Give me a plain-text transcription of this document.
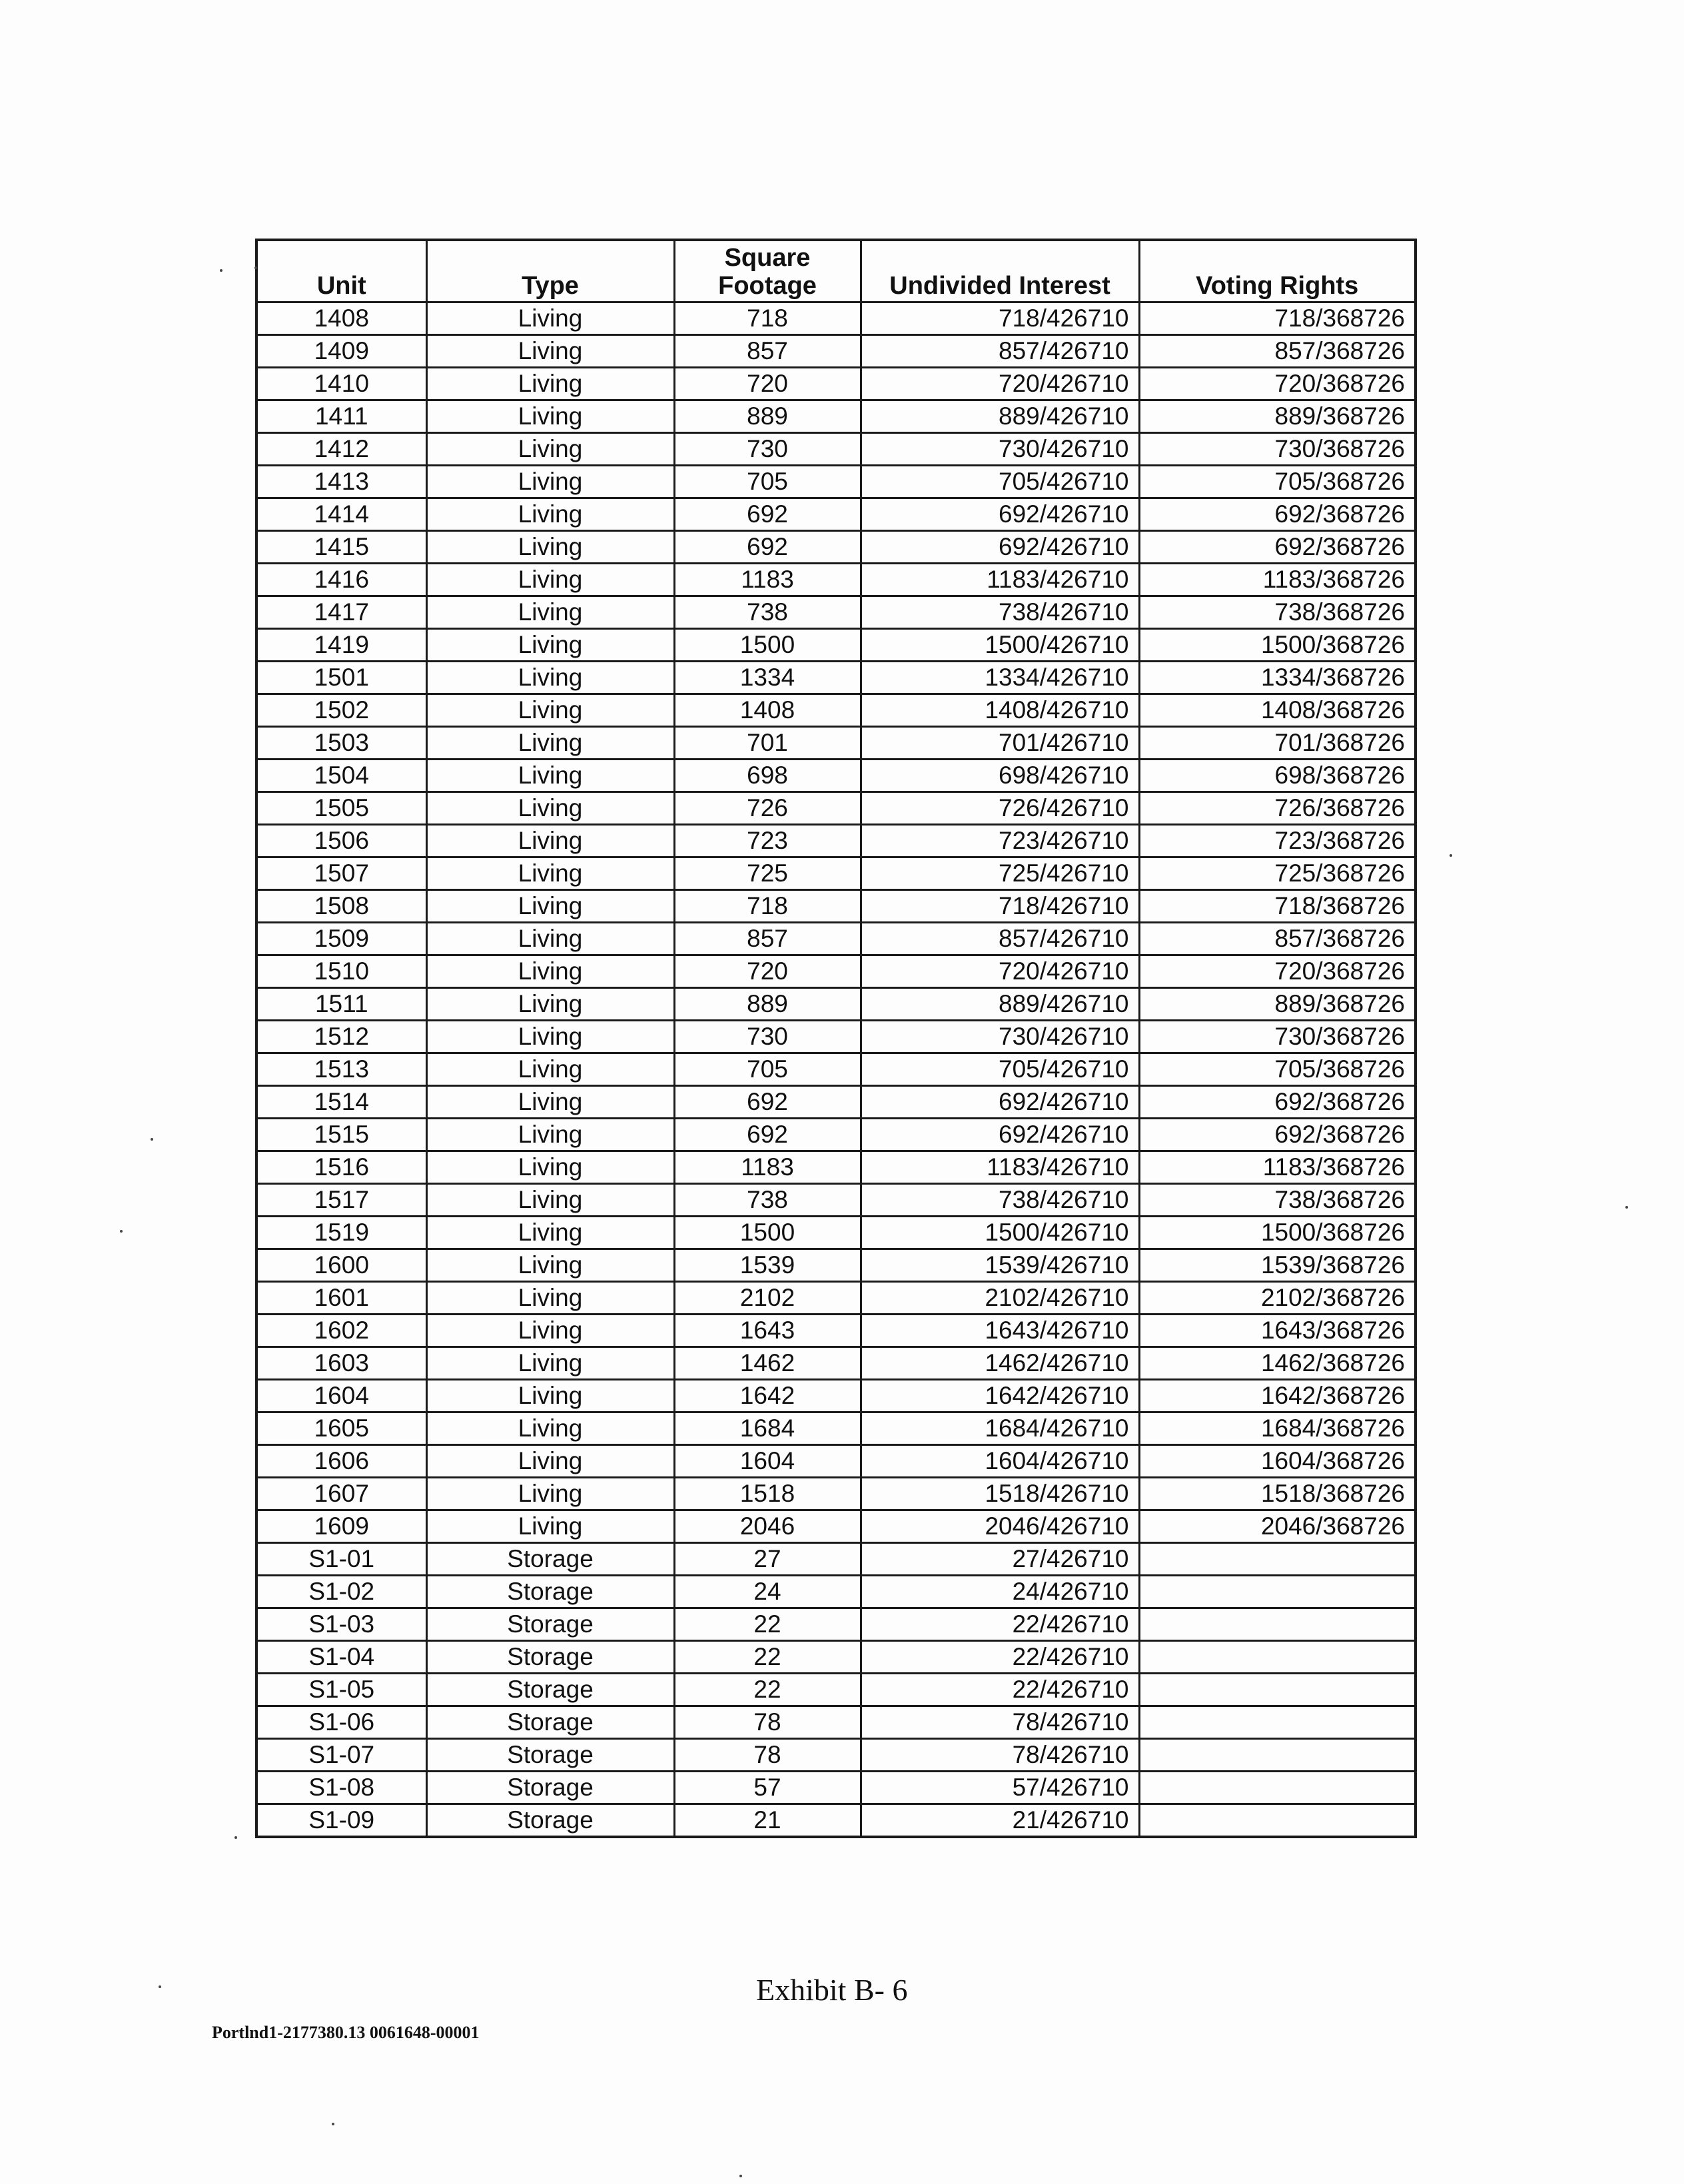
Unit	Type	Square Footage	Undivided Interest	Voting Rights
1408	Living	718	718/426710	718/368726
1409	Living	857	857/426710	857/368726
1410	Living	720	720/426710	720/368726
1411	Living	889	889/426710	889/368726
1412	Living	730	730/426710	730/368726
1413	Living	705	705/426710	705/368726
1414	Living	692	692/426710	692/368726
1415	Living	692	692/426710	692/368726
1416	Living	1183	1183/426710	1183/368726
1417	Living	738	738/426710	738/368726
1419	Living	1500	1500/426710	1500/368726
1501	Living	1334	1334/426710	1334/368726
1502	Living	1408	1408/426710	1408/368726
1503	Living	701	701/426710	701/368726
1504	Living	698	698/426710	698/368726
1505	Living	726	726/426710	726/368726
1506	Living	723	723/426710	723/368726
1507	Living	725	725/426710	725/368726
1508	Living	718	718/426710	718/368726
1509	Living	857	857/426710	857/368726
1510	Living	720	720/426710	720/368726
1511	Living	889	889/426710	889/368726
1512	Living	730	730/426710	730/368726
1513	Living	705	705/426710	705/368726
1514	Living	692	692/426710	692/368726
1515	Living	692	692/426710	692/368726
1516	Living	1183	1183/426710	1183/368726
1517	Living	738	738/426710	738/368726
1519	Living	1500	1500/426710	1500/368726
1600	Living	1539	1539/426710	1539/368726
1601	Living	2102	2102/426710	2102/368726
1602	Living	1643	1643/426710	1643/368726
1603	Living	1462	1462/426710	1462/368726
1604	Living	1642	1642/426710	1642/368726
1605	Living	1684	1684/426710	1684/368726
1606	Living	1604	1604/426710	1604/368726
1607	Living	1518	1518/426710	1518/368726
1609	Living	2046	2046/426710	2046/368726
S1-01	Storage	27	27/426710	
S1-02	Storage	24	24/426710	
S1-03	Storage	22	22/426710	
S1-04	Storage	22	22/426710	
S1-05	Storage	22	22/426710	
S1-06	Storage	78	78/426710	
S1-07	Storage	78	78/426710	
S1-08	Storage	57	57/426710	
S1-09	Storage	21	21/426710	

Exhibit B- 6

Portlnd1-2177380.13 0061648-00001
